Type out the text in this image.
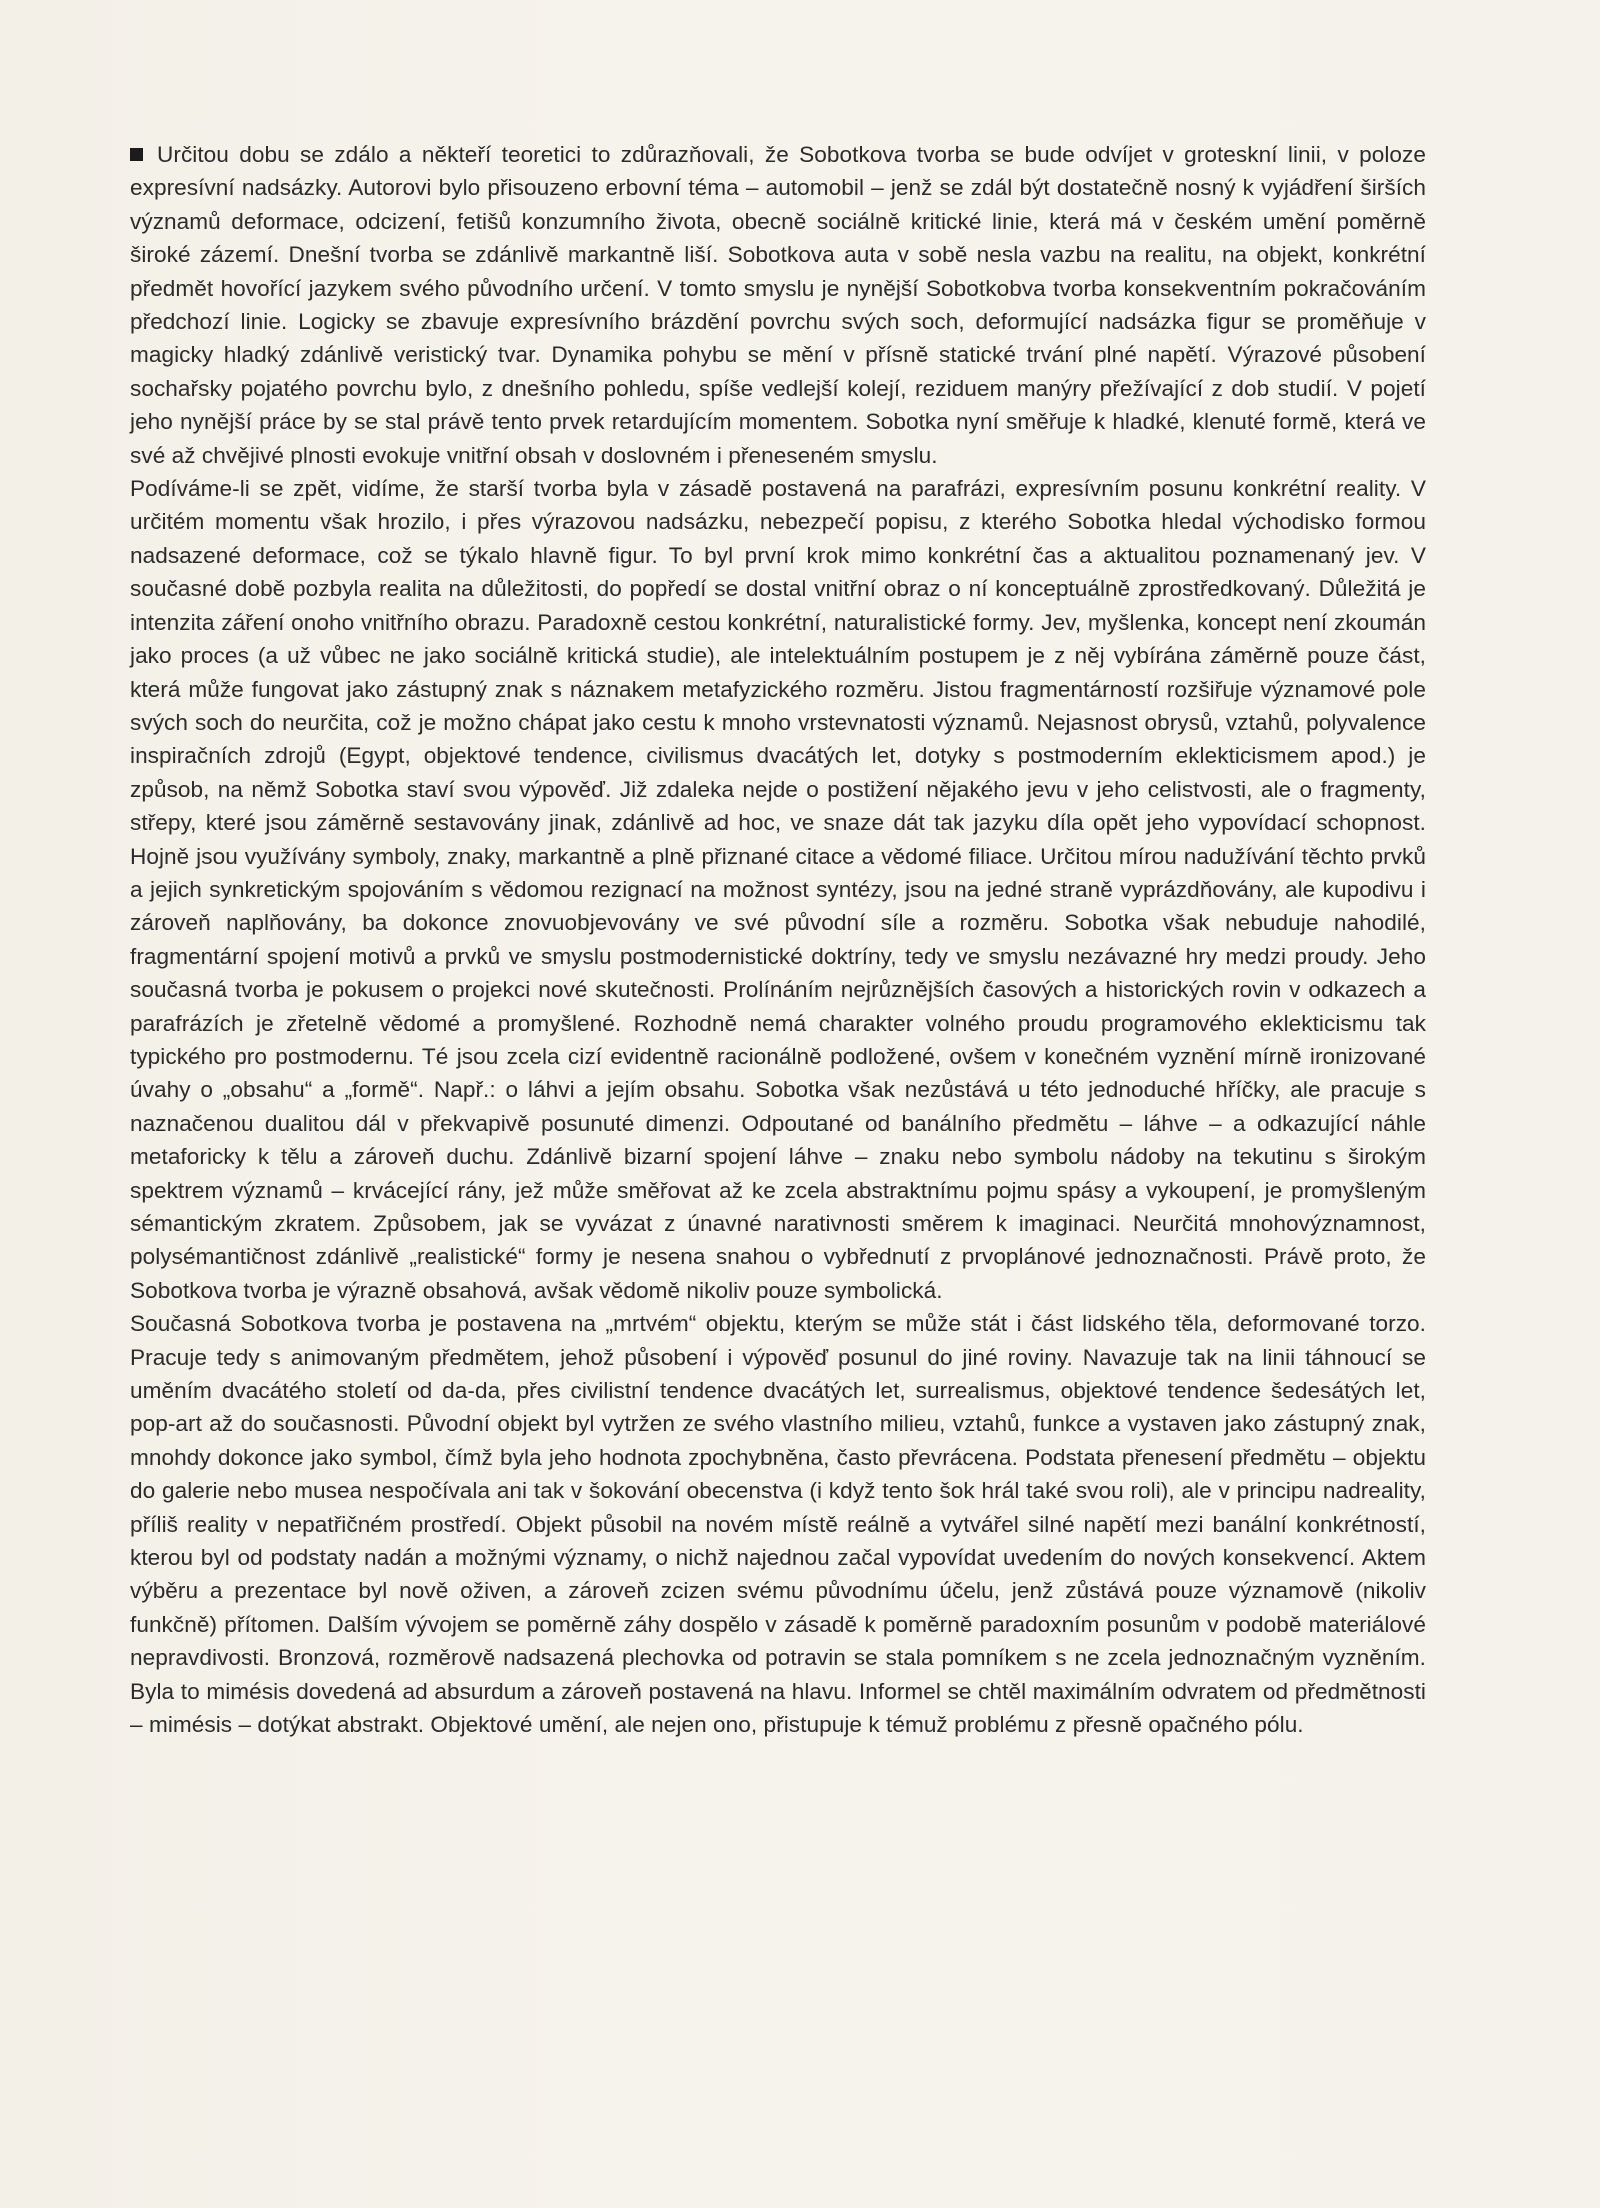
Určitou dobu se zdálo a někteří teoretici to zdůrazňovali, že Sobotkova tvorba se bude odvíjet v groteskní linii, v poloze expresívní nadsázky. Autorovi bylo přisouzeno erbovní téma – automobil – jenž se zdál být dostatečně nosný k vyjádření širších významů deformace, odcizení, fetišů konzumního života, obecně sociálně kritické linie, která má v českém umění poměrně široké zázemí. Dnešní tvorba se zdánlivě markantně liší. Sobotkova auta v sobě nesla vazbu na realitu, na objekt, konkrétní předmět hovořící jazykem svého původního určení. V tomto smyslu je nynější Sobotkobva tvorba konsekventním pokračováním předchozí linie. Logicky se zbavuje expresívního brázdění povrchu svých soch, deformující nadsázka figur se proměňuje v magicky hladký zdánlivě veristický tvar. Dynamika pohybu se mění v přísně statické trvání plné napětí. Výrazové působení sochařsky pojatého povrchu bylo, z dnešního pohledu, spíše vedlejší kolejí, reziduem manýry přežívající z dob studií. V pojetí jeho nynější práce by se stal právě tento prvek retardujícím momentem. Sobotka nyní směřuje k hladké, klenuté formě, která ve své až chvějivé plnosti evokuje vnitřní obsah v doslovném i přeneseném smyslu.

Podíváme-li se zpět, vidíme, že starší tvorba byla v zásadě postavená na parafrázi, expresívním posunu konkrétní reality. V určitém momentu však hrozilo, i přes výrazovou nadsázku, nebezpečí popisu, z kterého Sobotka hledal východisko formou nadsazené deformace, což se týkalo hlavně figur. To byl první krok mimo konkrétní čas a aktualitou poznamenaný jev. V současné době pozbyla realita na důležitosti, do popředí se dostal vnitřní obraz o ní konceptuálně zprostředkovaný. Důležitá je intenzita záření onoho vnitřního obrazu. Paradoxně cestou konkrétní, naturalistické formy. Jev, myšlenka, koncept není zkoumán jako proces (a už vůbec ne jako sociálně kritická studie), ale intelektuálním postupem je z něj vybírána záměrně pouze část, která může fungovat jako zástupný znak s náznakem metafyzického rozměru. Jistou fragmentárností rozšiřuje významové pole svých soch do neurčita, což je možno chápat jako cestu k mnoho vrstevnatosti významů. Nejasnost obrysů, vztahů, polyvalence inspiračních zdrojů (Egypt, objektové tendence, civilismus dvacátých let, dotyky s postmoderním eklekticismem apod.) je způsob, na němž Sobotka staví svou výpověď. Již zdaleka nejde o postižení nějakého jevu v jeho celistvosti, ale o fragmenty, střepy, které jsou záměrně sestavovány jinak, zdánlivě ad hoc, ve snaze dát tak jazyku díla opět jeho vypovídací schopnost. Hojně jsou využívány symboly, znaky, markantně a plně přiznané citace a vědomé filiace. Určitou mírou nadužívání těchto prvků a jejich synkretickým spojováním s vědomou rezignací na možnost syntézy, jsou na jedné straně vyprázdňovány, ale kupodivu i zároveň naplňovány, ba dokonce znovuobjevovány ve své původní síle a rozměru. Sobotka však nebuduje nahodilé, fragmentární spojení motivů a prvků ve smyslu postmodernistické doktríny, tedy ve smyslu nezávazné hry medzi proudy. Jeho současná tvorba je pokusem o projekci nové skutečnosti. Prolínáním nejrůznějších časových a historických rovin v odkazech a parafrázích je zřetelně vědomé a promyšlené. Rozhodně nemá charakter volného proudu programového eklekticismu tak typického pro postmodernu. Té jsou zcela cizí evidentně racionálně podložené, ovšem v konečném vyznění mírně ironizované úvahy o „obsahu“ a „formě“. Např.: o láhvi a jejím obsahu. Sobotka však nezůstává u této jednoduché hříčky, ale pracuje s naznačenou dualitou dál v překvapivě posunuté dimenzi. Odpoutané od banálního předmětu – láhve – a odkazující náhle metaforicky k tělu a zároveň duchu. Zdánlivě bizarní spojení láhve – znaku nebo symbolu nádoby na tekutinu s širokým spektrem významů – krvácející rány, jež může směřovat až ke zcela abstraktnímu pojmu spásy a vykoupení, je promyšleným sémantickým zkratem. Způsobem, jak se vyvázat z únavné narativnosti směrem k imaginaci. Neurčitá mnohovýznamnost, polysémantičnost zdánlivě „realistické“ formy je nesena snahou o vybřednutí z prvoplánové jednoznačnosti. Právě proto, že Sobotkova tvorba je výrazně obsahová, avšak vědomě nikoliv pouze symbolická.

Současná Sobotkova tvorba je postavena na „mrtvém“ objektu, kterým se může stát i část lidského těla, deformované torzo. Pracuje tedy s animovaným předmětem, jehož působení i výpověď posunul do jiné roviny. Navazuje tak na linii táhnoucí se uměním dvacátého století od da-da, přes civilistní tendence dvacátých let, surrealismus, objektové tendence šedesátých let, pop-art až do současnosti. Původní objekt byl vytržen ze svého vlastního milieu, vztahů, funkce a vystaven jako zástupný znak, mnohdy dokonce jako symbol, čímž byla jeho hodnota zpochybněna, často převrácena. Podstata přenesení předmětu – objektu do galerie nebo musea nespočívala ani tak v šokování obecenstva (i když tento šok hrál také svou roli), ale v principu nadreality, příliš reality v nepatřičném prostředí. Objekt působil na novém místě reálně a vytvářel silné napětí mezi banální konkrétností, kterou byl od podstaty nadán a možnými významy, o nichž najednou začal vypovídat uvedením do nových konsekvencí. Aktem výběru a prezentace byl nově oživen, a zároveň zcizen svému původnímu účelu, jenž zůstává pouze významově (nikoliv funkčně) přítomen. Dalším vývojem se poměrně záhy dospělo v zásadě k poměrně paradoxním posunům v podobě materiálové nepravdivosti. Bronzová, rozměrově nadsazená plechovka od potravin se stala pomníkem s ne zcela jednoznačným vyzněním. Byla to mimésis dovedená ad absurdum a zároveň postavená na hlavu. Informel se chtěl maximálním odvratem od předmětnosti – mimésis – dotýkat abstrakt. Objektové umění, ale nejen ono, přistupuje k témuž problému z přesně opačného pólu.
